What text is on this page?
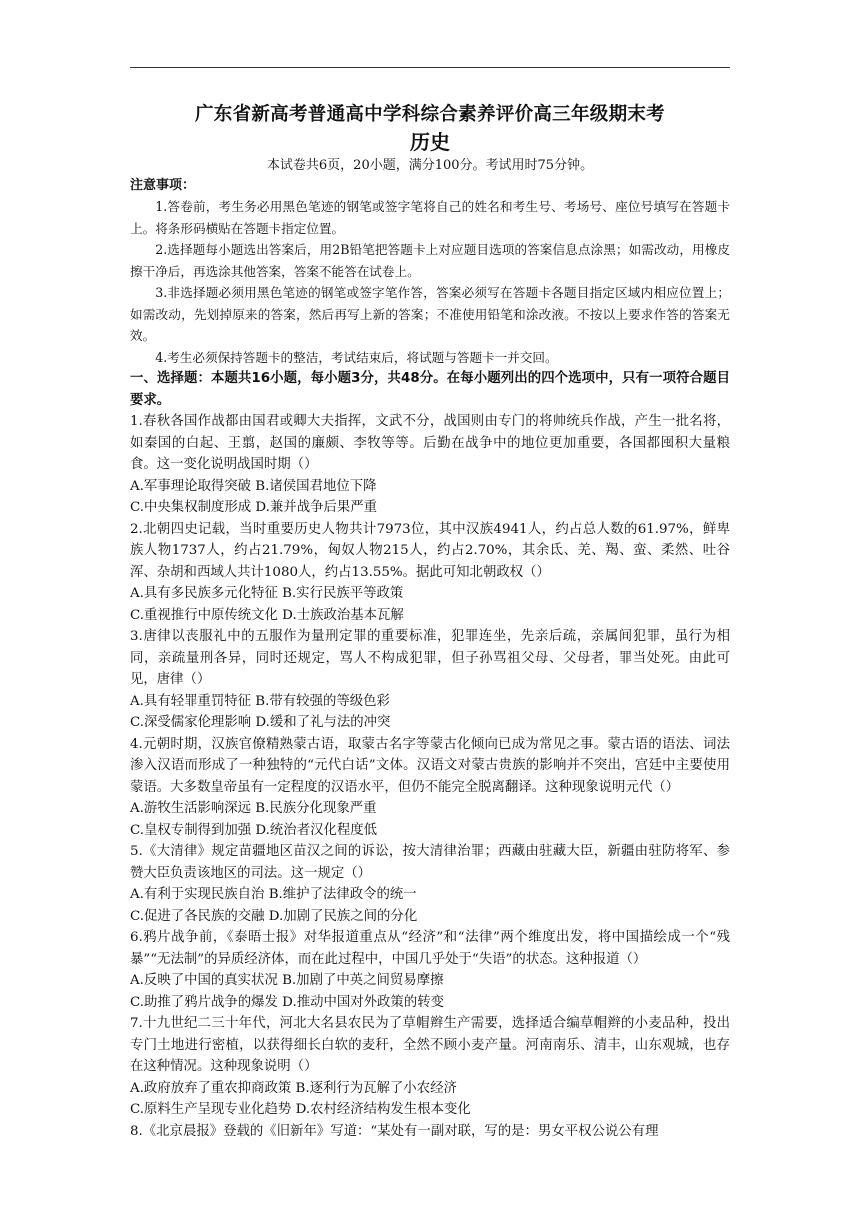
广东省新高考普通高中学科综合素养评价高三年级期末考
历史
本试卷共6页，20小题，满分100分。考试用时75分钟。
注意事项：

1.答卷前，考生务必用黑色笔迹的钢笔或签字笔将自己的姓名和考生号、考场号、座位号填写在答题卡上。将条形码横贴在答题卡指定位置。

2.选择题每小题选出答案后，用2B铅笔把答题卡上对应题目选项的答案信息点涂黑；如需改动，用橡皮擦干净后，再选涂其他答案，答案不能答在试卷上。

3.非选择题必须用黑色笔迹的钢笔或签字笔作答，答案必须写在答题卡各题目指定区域内相应位置上；如需改动，先划掉原来的答案，然后再写上新的答案；不准使用铅笔和涂改液。不按以上要求作答的答案无效。

4.考生必须保持答题卡的整洁，考试结束后，将试题与答题卡一并交回。

一、选择题：本题共16小题，每小题3分，共48分。在每小题列出的四个选项中，只有一项符合题目要求。

1.春秋各国作战都由国君或卿大夫指挥，文武不分，战国则由专门的将帅统兵作战，产生一批名将，如秦国的白起、王翦，赵国的廉颇、李牧等等。后勤在战争中的地位更加重要，各国都囤积大量粮食。这一变化说明战国时期（）

A.军事理论取得突破 B.诸侯国君地位下降

C.中央集权制度形成 D.兼并战争后果严重

2.北朝四史记载，当时重要历史人物共计7973位，其中汉族4941人，约占总人数的61.97%，鲜卑族人物1737人，约占21.79%，匈奴人物215人，约占2.70%，其余氐、羌、羯、蛮、柔然、吐谷浑、杂胡和西域人共计1080人，约占13.55%。据此可知北朝政权（）

A.具有多民族多元化特征 B.实行民族平等政策

C.重视推行中原传统文化 D.士族政治基本瓦解

3.唐律以丧服礼中的五服作为量刑定罪的重要标准，犯罪连坐，先亲后疏，亲属间犯罪，虽行为相同，亲疏量刑各异，同时还规定，骂人不构成犯罪，但子孙骂祖父母、父母者，罪当处死。由此可见，唐律（）

A.具有轻罪重罚特征 B.带有较强的等级色彩

C.深受儒家伦理影响 D.缓和了礼与法的冲突

4.元朝时期，汉族官僚精熟蒙古语，取蒙古名字等蒙古化倾向已成为常见之事。蒙古语的语法、词法渗入汉语而形成了一种独特的“元代白话”文体。汉语文对蒙古贵族的影响并不突出，宫廷中主要使用蒙语。大多数皇帝虽有一定程度的汉语水平，但仍不能完全脱离翻译。这种现象说明元代（）

A.游牧生活影响深远 B.民族分化现象严重

C.皇权专制得到加强 D.统治者汉化程度低

5.《大清律》规定苗疆地区苗汉之间的诉讼，按大清律治罪；西藏由驻藏大臣，新疆由驻防将军、参赞大臣负责该地区的司法。这一规定（）

A.有利于实现民族自治 B.维护了法律政令的统一

C.促进了各民族的交融 D.加剧了民族之间的分化

6.鸦片战争前，《泰晤士报》对华报道重点从“经济”和“法律”两个维度出发，将中国描绘成一个“残暴”“无法制”的异质经济体，而在此过程中，中国几乎处于“失语”的状态。这种报道（）

A.反映了中国的真实状况 B.加剧了中英之间贸易摩擦

C.助推了鸦片战争的爆发 D.推动中国对外政策的转变

7.十九世纪二三十年代，河北大名县农民为了草帽辫生产需要，选择适合编草帽辫的小麦品种，投出专门土地进行密植，以获得细长白软的麦秆，全然不顾小麦产量。河南南乐、清丰，山东观城，也存在这种情况。这种现象说明（）

A.政府放弃了重农抑商政策 B.逐利行为瓦解了小农经济

C.原料生产呈现专业化趋势 D.农村经济结构发生根本变化

8.《北京晨报》登载的《旧新年》写道：“某处有一副对联，写的是：男女平权公说公有理
